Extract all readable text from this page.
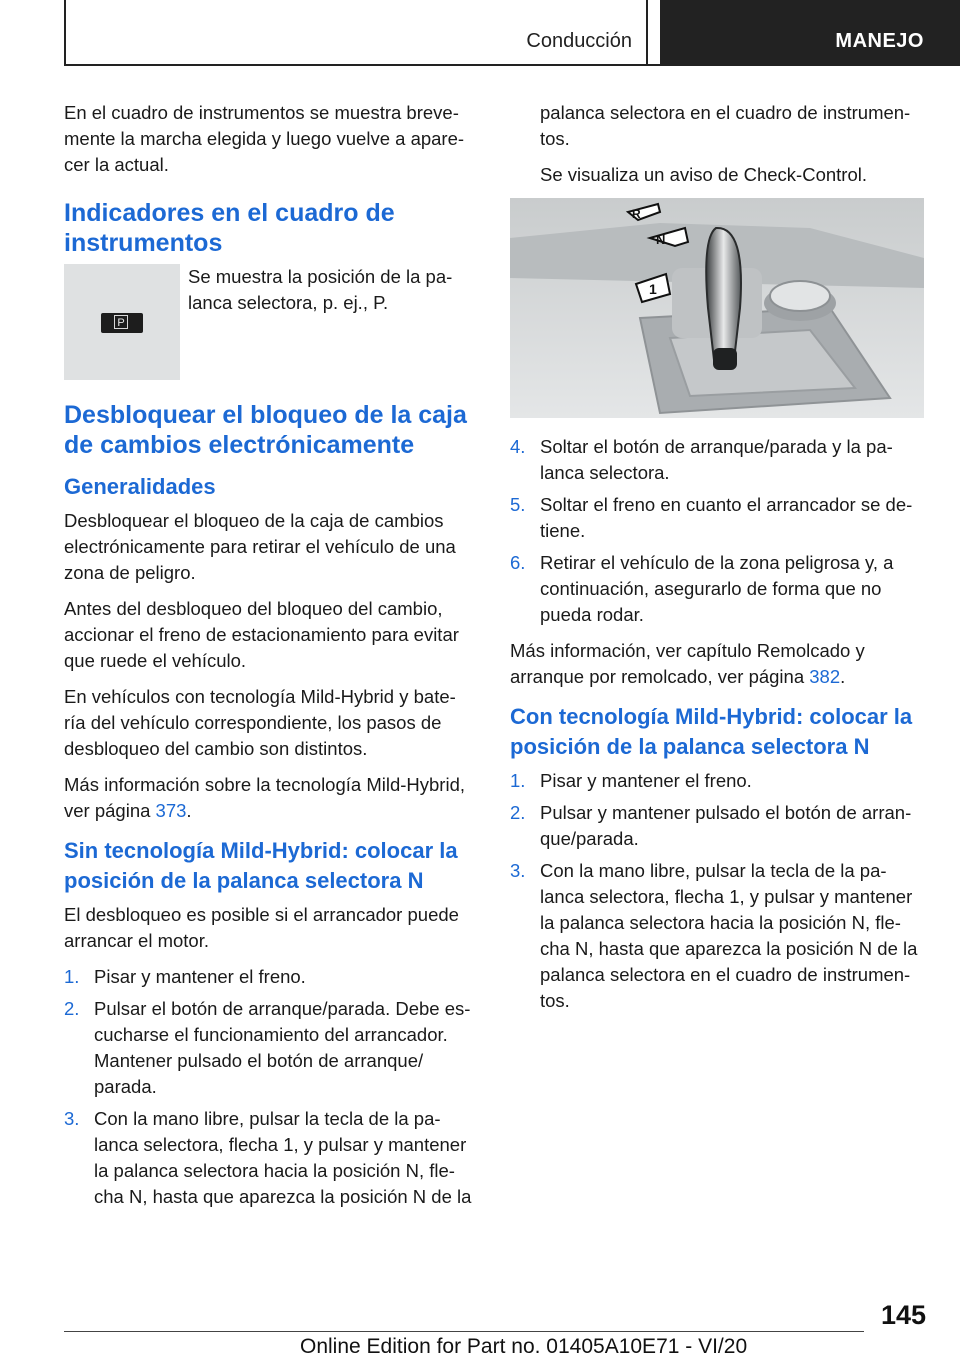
Conducción	MANEJO

En el cuadro de instrumentos se muestra breve- mente la marcha elegida y luego vuelve a apare- cer la actual.

Indicadores en el cuadro de instrumentos
P

Se muestra la posición de la pa- lanca selectora, p. ej., P.

Desbloquear el bloqueo de la caja de cambios electrónicamente
Generalidades

Desbloquear el bloqueo de la caja de cambios electrónicamente para retirar el vehículo de una zona de peligro.

Antes del desbloqueo del bloqueo del cambio, accionar el freno de estacionamiento para evitar que ruede el vehículo.

En vehículos con tecnología Mild-Hybrid y bate- ría del vehículo correspondiente, los pasos de desbloqueo del cambio son distintos.

Más información sobre la tecnología Mild-Hybrid, ver página 373.

Sin tecnología Mild-Hybrid: colocar la posición de la palanca selectora N

El desbloqueo es posible si el arrancador puede arrancar el motor.

1. Pisar y mantener el freno.
2. Pulsar el botón de arranque/parada. Debe es- cucharse el funcionamiento del arrancador. Mantener pulsado el botón de arranque/ parada.
3. Con la mano libre, pulsar la tecla de la pa- lanca selectora, flecha 1, y pulsar y mantener la palanca selectora hacia la posición N, fle- cha N, hasta que aparezca la posición N de la

palanca selectora en el cuadro de instrumen- tos.

Se visualiza un aviso de Check-Control.

R
N
1
4. Soltar el botón de arranque/parada y la pa- lanca selectora.
5. Soltar el freno en cuanto el arrancador se de- tiene.
6. Retirar el vehículo de la zona peligrosa y, a continuación, asegurarlo de forma que no pueda rodar.

Más información, ver capítulo Remolcado y arranque por remolcado, ver página 382.

Con tecnología Mild-Hybrid: colocar la posición de la palanca selectora N
1. Pisar y mantener el freno.
2. Pulsar y mantener pulsado el botón de arran- que/parada.
3. Con la mano libre, pulsar la tecla de la pa- lanca selectora, flecha 1, y pulsar y mantener la palanca selectora hacia la posición N, fle- cha N, hasta que aparezca la posición N de la palanca selectora en el cuadro de instrumen- tos.
145
Online Edition for Part no. 01405A10E71 - VI/20
